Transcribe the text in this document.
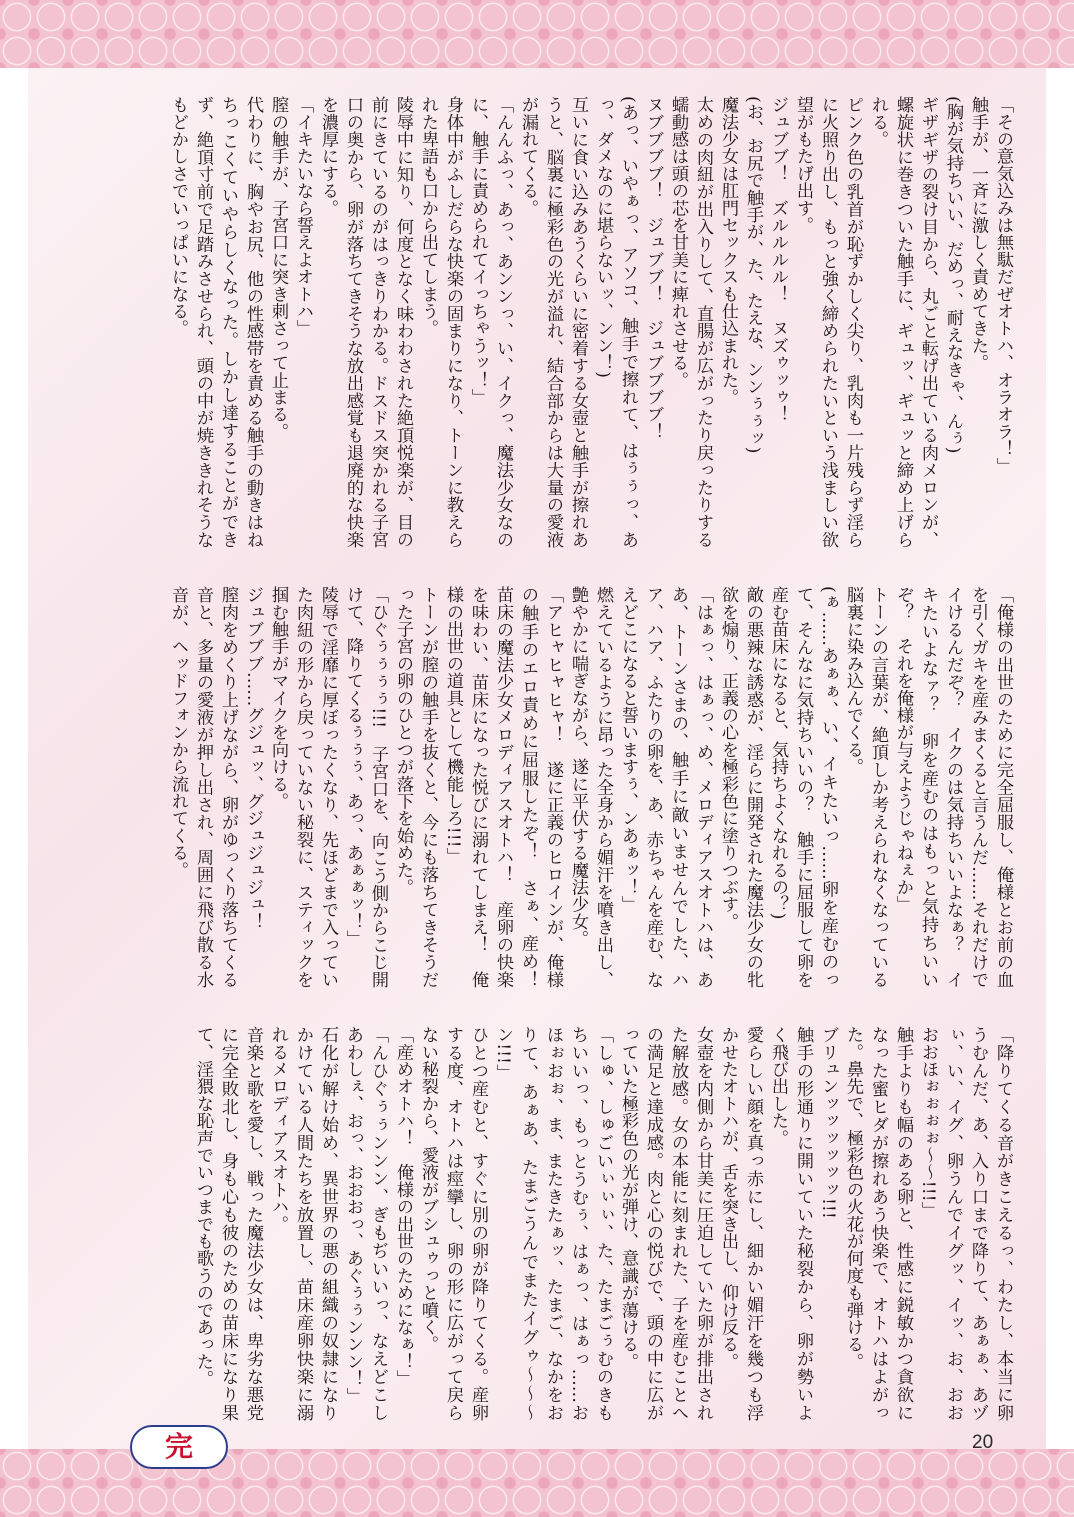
「その意気込みは無駄だぜオトハ、オラオラ！」

触手が、一斉に激しく責めてきた。

(胸が気持ちいい、だめっ、耐えなきゃ、んぅ)

ギザギザの裂け目から、丸ごと転げ出ている肉メロンが、螺旋状に巻きついた触手に、ギュッ、ギュッと締め上げられる。

ピンク色の乳首が恥ずかしく尖り、乳肉も一片残らず淫らに火照り出し、もっと強く締められたいという浅ましい欲望がもたげ出す。

ジュブブ！　ズルルルル！　ヌズゥッゥ！

(お、お尻で触手が、た、たえな、ンンぅぅッ)

魔法少女は肛門セックスも仕込まれた。

太めの肉紐が出入りして、直腸が広がったり戻ったりする蠕動感は頭の芯を甘美に痺れさせる。

ヌブブブブ！　ジュブブ！　ジュブブブブ！

(あっ、いやぁっ、アソコ、触手で擦れて、はぅぅっ、あっ、ダメなのに堪らないッ、ンン！)

互いに食い込みあうくらいに密着する女壺と触手が擦れあうと、脳裏に極彩色の光が溢れ、結合部からは大量の愛液が漏れてくる。

「んんふっ、あっ、あンンっ、い、イクっ、魔法少女なのに、触手に責められてイっちゃうッ！」

身体中がふしだらな快楽の固まりになり、トーンに教えられた卑語も口から出てしまう。

陵辱中に知り、何度となく味わわされた絶頂悦楽が、目の前にきているのがはっきりわかる。ドスドス突かれる子宮口の奥から、卵が落ちてきそうな放出感覚も退廃的な快楽を濃厚にする。

「イキたいなら誓えよオトハ」

膣の触手が、子宮口に突き刺さって止まる。

代わりに、胸やお尻、他の性感帯を責める触手の動きはねちっこくていやらしくなった。しかし達することができず、絶頂寸前で足踏みさせられ、頭の中が焼ききれそうなもどかしさでいっぱいになる。

「俺様の出世のために完全屈服し、俺様とお前の血を引くガキを産みまくると言うんだ……それだけでイけるんだぞ？　イクのは気持ちいいよなぁ？　イキたいよなァ？　卵を産むのはもっと気持ちいいぞ？　それを俺様が与えようじゃねぇか」

トーンの言葉が、絶頂しか考えられなくなっている脳裏に染み込んでくる。

(ぁ……あぁぁ、い、イキたいっ……卵を産むのって、そんなに気持ちいいの？　触手に屈服して卵を産む苗床になると、気持ちよくなれるの？)

敵の悪辣な誘惑が、淫らに開発された魔法少女の牝欲を煽り、正義の心を極彩色に塗りつぶす。

「はぁっ、はぁっ、め、メロディアスオトハは、ああ、トーンさまの、触手に敵いませんでした、ハア、ハア、ふたりの卵を、あ、赤ちゃんを産む、なえどこになると誓いますぅ、ンあぁッ！」

燃えているように昂った全身から媚汗を噴き出し、艶やかに喘ぎながら、遂に平伏する魔法少女。

「アヒャヒャヒャ！　遂に正義のヒロインが、俺様の触手のエロ責めに屈服したぞ！　さぁ、産め！　苗床の魔法少女メロディアスオトハ！　産卵の快楽を味わい、苗床になった悦びに溺れてしまえ！　俺様の出世の道具として機能しろ!!!」

トーンが膣の触手を抜くと、今にも落ちてきそうだった子宮の卵のひとつが落下を始めた。

「ひぐぅぅぅぅ!!!　子宮口を、向こう側からこじ開けて、降りてくるぅぅぅ、あっ、あぁぁッ！」

陵辱で淫靡に厚ぼったくなり、先ほどまで入っていた肉紐の形から戻っていない秘裂に、スティックを掴む触手がマイクを向ける。

ジュブブブ……グジュッ、グジュジュジュ！

膣肉をめくり上げながら、卵がゆっくり落ちてくる音と、多量の愛液が押し出され、周囲に飛び散る水音が、ヘッドフォンから流れてくる。

「降りてくる音がきこえるっ、わたし、本当に卵うむんだ、あ、入り口まで降りて、あぁぁ、あヅぃ、い、イグ、卵うんでイグッ、イッ、お、おおおおほぉぉぉぉ～～!!!」

触手よりも幅のある卵と、性感に鋭敏かつ貪欲になった蜜ヒダが擦れあう快楽で、オトハはよがった。鼻先で、極彩色の火花が何度も弾ける。

ブリュンッッッッッッ!!!

触手の形通りに開いていた秘裂から、卵が勢いよく飛び出した。

愛らしい顔を真っ赤にし、細かい媚汗を幾つも浮かせたオトハが、舌を突き出し、仰け反る。

女壺を内側から甘美に圧迫していた卵が排出された解放感。女の本能に刻まれた、子を産むことへの満足と達成感。肉と心の悦びで、頭の中に広がっていた極彩色の光が弾け、意識が蕩ける。

「しゅ、しゅごいぃぃぃ、た、たまごぅむのきもちいいっ、もっとうむぅ、はぁっ、はぁっ……おほぉおぉ、ま、またきたぁッ、たまご、なかをおりて、あぁあ、たまごうんでまたイグゥ～～～ン!!!」

ひとつ産むと、すぐに別の卵が降りてくる。産卵する度、オトハは痙攣し、卵の形に広がって戻らない秘裂から、愛液がブシュゥっと噴く。

「産めオトハ！　俺様の出世のためになぁ！」

「んひぐぅぅンンン、ぎもぢいいっ、なえどこしあわしぇ、おっ、おおおっ、あぐぅぅンンン！」

石化が解け始め、異世界の悪の組織の奴隷になりかけている人間たちを放置し、苗床産卵快楽に溺れるメロディアスオトハ。

音楽と歌を愛し、戦った魔法少女は、卑劣な悪党に完全敗北し、身も心も彼のための苗床になり果て、淫猥な恥声でいつまでも歌うのであった。

完	20
